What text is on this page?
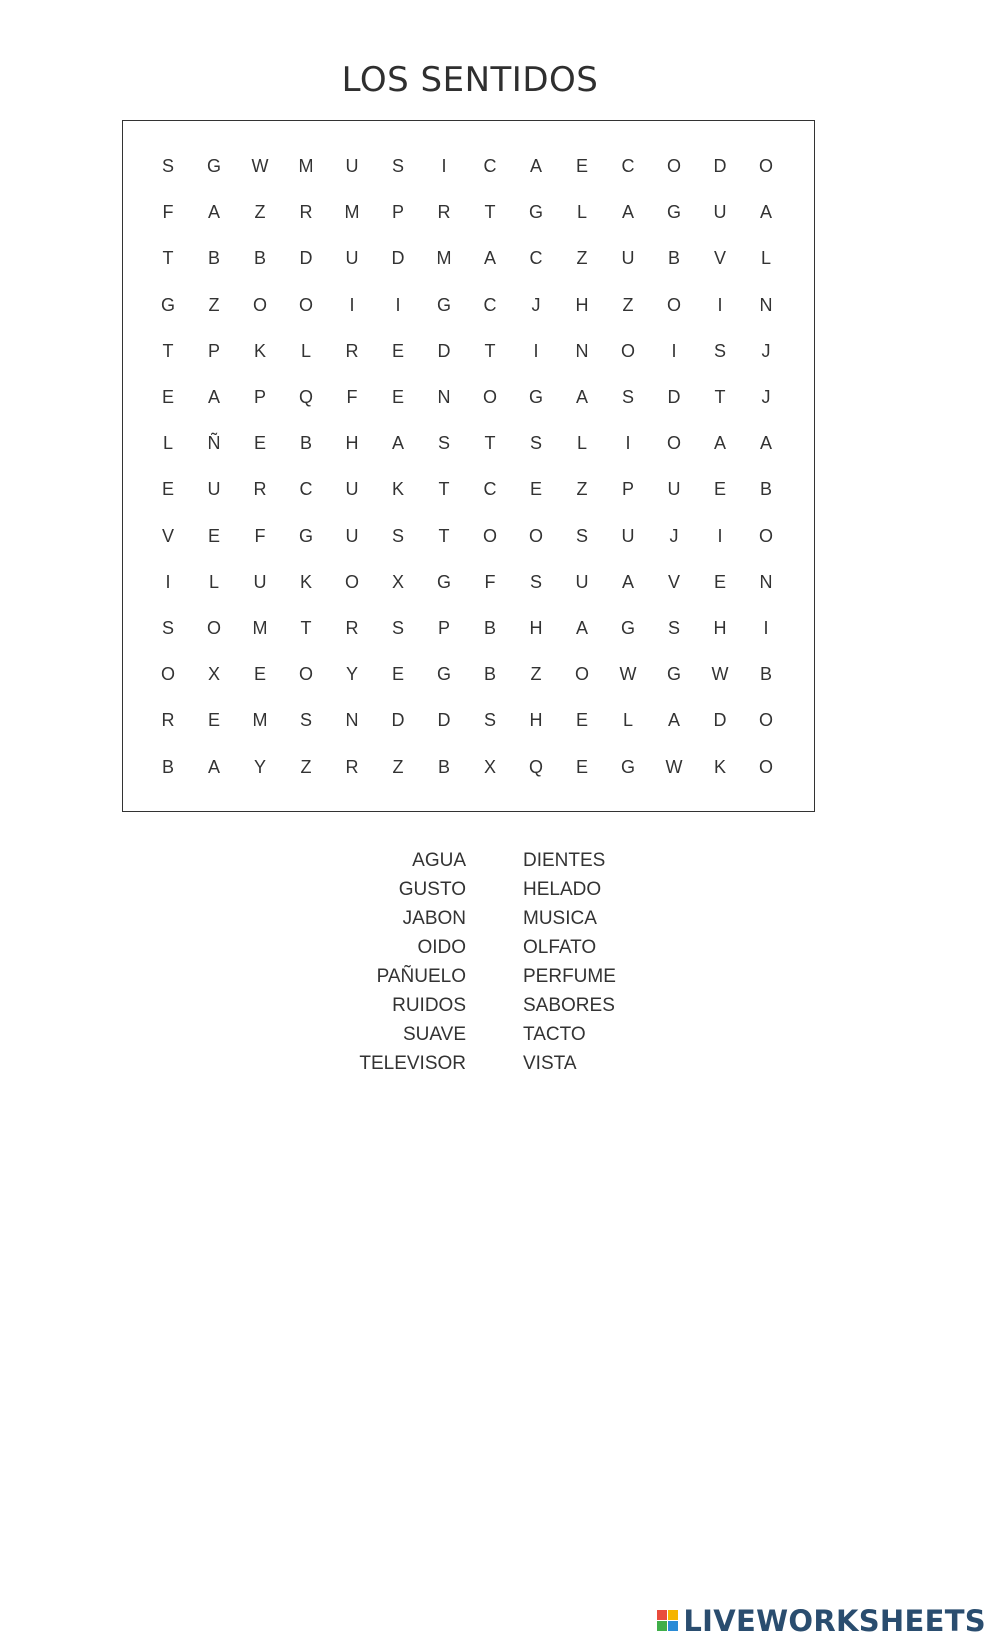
LOS SENTIDOS
S	G	W	M	U	S	I	C	A	E	C	O	D	O
F	A	Z	R	M	P	R	T	G	L	A	G	U	A
T	B	B	D	U	D	M	A	C	Z	U	B	V	L
G	Z	O	O	I	I	G	C	J	H	Z	O	I	N
T	P	K	L	R	E	D	T	I	N	O	I	S	J
E	A	P	Q	F	E	N	O	G	A	S	D	T	J
L	Ñ	E	B	H	A	S	T	S	L	I	O	A	A
E	U	R	C	U	K	T	C	E	Z	P	U	E	B
V	E	F	G	U	S	T	O	O	S	U	J	I	O
I	L	U	K	O	X	G	F	S	U	A	V	E	N
S	O	M	T	R	S	P	B	H	A	G	S	H	I
O	X	E	O	Y	E	G	B	Z	O	W	G	W	B
R	E	M	S	N	D	D	S	H	E	L	A	D	O
B	A	Y	Z	R	Z	B	X	Q	E	G	W	K	O
AGUA
GUSTO
JABON
OIDO
PAÑUELO
RUIDOS
SUAVE
TELEVISOR
DIENTES
HELADO
MUSICA
OLFATO
PERFUME
SABORES
TACTO
VISTA
LIVEWORKSHEETS
